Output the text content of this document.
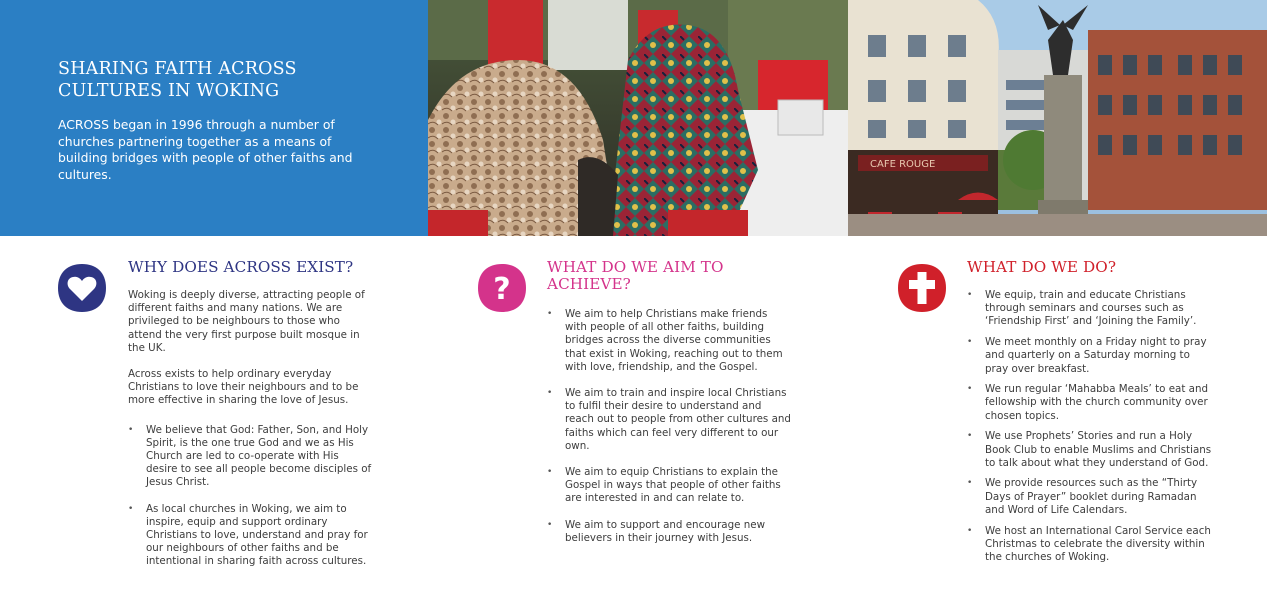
SHARING FAITH ACROSS CULTURES IN WOKING

ACROSS began in 1996 through a number of churches partnering together as a means of building bridges with people of other faiths and cultures.

CAFE ROUGE
WHY DOES ACROSS EXIST?

Woking is deeply diverse, attracting people of different faiths and many nations. We are privileged to be neighbours to those who attend the very first purpose built mosque in the UK.

Across exists to help ordinary everyday Christians to love their neighbours and to be more effective in sharing the love of Jesus.

• We believe that God: Father, Son, and Holy Spirit, is the one true God and we as His Church are led to co-operate with His desire to see all people become disciples of Jesus Christ.
• As local churches in Woking, we aim to inspire, equip and support ordinary Christians to love, understand and pray for our neighbours of other faiths and be intentional in sharing faith across cultures.
?
WHAT DO WE AIM TO ACHIEVE?
• We aim to help Christians make friends with people of all other faiths, building bridges across the diverse communities that exist in Woking, reaching out to them with love, friendship, and the Gospel.
• We aim to train and inspire local Christians to fulfil their desire to understand and reach out to people from other cultures and faiths which can feel very different to our own.
• We aim to equip Christians to explain the Gospel in ways that people of other faiths are interested in and can relate to.
• We aim to support and encourage new believers in their journey with Jesus.
WHAT DO WE DO?
• We equip, train and educate Christians through seminars and courses such as ‘Friendship First’ and ‘Joining the Family’.
• We meet monthly on a Friday night to pray and quarterly on a Saturday morning to pray over breakfast.
• We run regular ‘Mahabba Meals’ to eat and fellowship with the church community over chosen topics.
• We use Prophets’ Stories and run a Holy Book Club to enable Muslims and Christians to talk about what they understand of God.
• We provide resources such as the “Thirty Days of Prayer” booklet during Ramadan and Word of Life Calendars.
• We host an International Carol Service each Christmas to celebrate the diversity within the churches of Woking.
